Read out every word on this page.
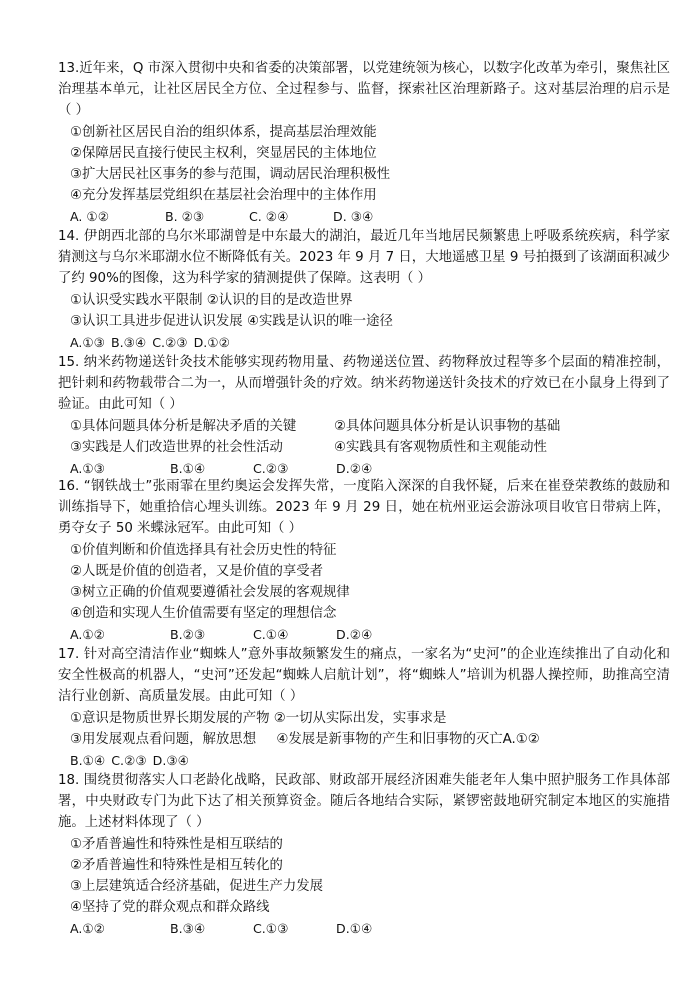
13.近年来，Q 市深入贯彻中央和省委的决策部署，以党建统领为核心，以数字化改革为牵引，聚焦社区治理基本单元，让社区居民全方位、全过程参与、监督，探索社区治理新路子。这对基层治理的启示是 （ ）

①创新社区居民自治的组织体系，提高基层治理效能

②保障居民直接行使民主权利，突显居民的主体地位

③扩大居民社区事务的参与范围，调动居民治理积极性

④充分发挥基层党组织在基层社会治理中的主体作用

A. ①②	B. ②③	C. ②④	D. ③④

14. 伊朗西北部的乌尔米耶湖曾是中东最大的湖泊，最近几年当地居民频繁患上呼吸系统疾病，科学家猜测这与乌尔米耶湖水位不断降低有关。2023 年 9 月 7 日，大地遥感卫星 9 号拍摄到了该湖面积减少了约 90%的图像，这为科学家的猜测提供了保障。这表明（ ）

①认识受实践水平限制 ②认识的目的是改造世界

③认识工具进步促进认识发展 ④实践是认识的唯一途径

A.①③ B.③④ C.②③ D.①②

15. 纳米药物递送针灸技术能够实现药物用量、药物递送位置、药物释放过程等多个层面的精准控制，把针刺和药物载带合二为一，从而增强针灸的疗效。纳米药物递送针灸技术的疗效已在小鼠身上得到了验证。由此可知（ ）

①具体问题具体分析是解决矛盾的关键	②具体问题具体分析是认识事物的基础
③实践是人们改造世界的社会性活动	④实践具有客观物质性和主观能动性
A.①③	B.①④	C.②③	D.②④

16. “钢铁战士”张雨霏在里约奥运会发挥失常，一度陷入深深的自我怀疑，后来在崔登荣教练的鼓励和训练指导下，她重拾信心埋头训练。2023 年 9 月 29 日，她在杭州亚运会游泳项目收官日带病上阵，勇夺女子 50 米蝶泳冠军。由此可知（ ）

①价值判断和价值选择具有社会历史性的特征

②人既是价值的创造者，又是价值的享受者

③树立正确的价值观要遵循社会发展的客观规律

④创造和实现人生价值需要有坚定的理想信念

A.①②	B.②③	C.①④	D.②④

17. 针对高空清洁作业“蜘蛛人”意外事故频繁发生的痛点，一家名为“史河”的企业连续推出了自动化和安全性极高的机器人，“史河”还发起“蜘蛛人启航计划”，将“蜘蛛人”培训为机器人操控师，助推高空清洁行业创新、高质量发展。由此可知（ ）

①意识是物质世界长期发展的产物 ②一切从实际出发，实事求是

③用发展观点看问题，解放思想 ④发展是新事物的产生和旧事物的灭亡A.①②
B.①④ C.②③ D.③④

18. 围绕贯彻落实人口老龄化战略，民政部、财政部开展经济困难失能老年人集中照护服务工作具体部署，中央财政专门为此下达了相关预算资金。随后各地结合实际，紧锣密鼓地研究制定本地区的实施措施。上述材料体现了（ ）

①矛盾普遍性和特殊性是相互联结的

②矛盾普遍性和特殊性是相互转化的

③上层建筑适合经济基础，促进生产力发展

④坚持了党的群众观点和群众路线

A.①②	B.③④	C.①③	D.①④
